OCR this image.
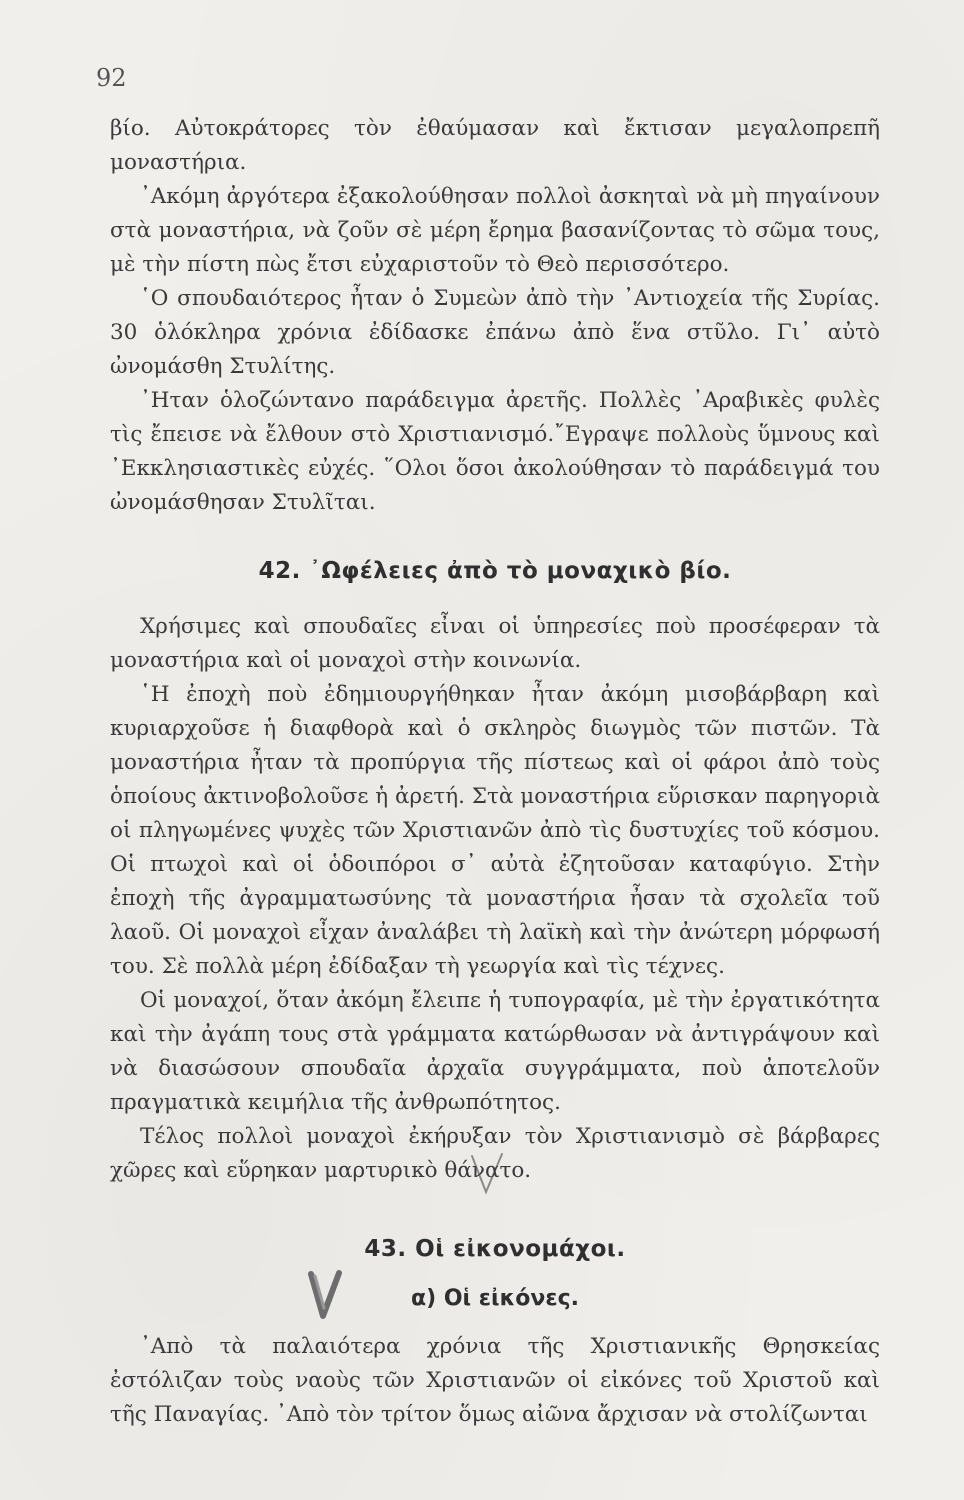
92

βίο. Αὐτοκράτορες τὸν ἐθαύμασαν καὶ ἔκτισαν μεγαλοπρεπῆ μοναστήρια.

᾿Ακόμη ἀργότερα ἐξακολούθησαν πολλοὶ ἀσκηταὶ νὰ μὴ πηγαίνουν στὰ μοναστήρια, νὰ ζοῦν σὲ μέρη ἔρημα βασανίζοντας τὸ σῶμα τους, μὲ τὴν πίστη πὼς ἔτσι εὐχαριστοῦν τὸ Θεὸ περισσότερο.

῾Ο σπουδαιότερος ἦταν ὁ Συμεὼν ἀπὸ τὴν ᾿Αντιοχεία τῆς Συρίας. 30 ὁλόκληρα χρόνια ἐδίδασκε ἐπάνω ἀπὸ ἕνα στῦλο. Γι᾿ αὐτὸ ὠνομάσθη Στυλίτης.

᾿Ηταν ὁλοζώντανο παράδειγμα ἀρετῆς. Πολλὲς ᾿Αραβικὲς φυλὲς τὶς ἔπεισε νὰ ἔλθουν στὸ Χριστιανισμό.῎Εγραψε πολλοὺς ὕμνους καὶ ᾿Εκκλησιαστικὲς εὐχές. ῞Ολοι ὅσοι ἀκολούθησαν τὸ παράδειγμά του ὠνομάσθησαν Στυλῖται.

42. ᾿Ωφέλειες ἀπὸ τὸ μοναχικὸ βίο.

Χρήσιμες καὶ σπουδαῖες εἶναι οἱ ὑπηρεσίες ποὺ προσέφεραν τὰ μοναστήρια καὶ οἱ μοναχοὶ στὴν κοινωνία.

῾Η ἐποχὴ ποὺ ἐδημιουργήθηκαν ἦταν ἀκόμη μισοβάρβαρη καὶ κυριαρχοῦσε ἡ διαφθορὰ καὶ ὁ σκληρὸς διωγμὸς τῶν πιστῶν. Τὰ μοναστήρια ἦταν τὰ προπύργια τῆς πίστεως καὶ οἱ φάροι ἀπὸ τοὺς ὁποίους ἀκτινοβολοῦσε ἡ ἀρετή. Στὰ μοναστήρια εὕρισκαν παρηγοριὰ οἱ πληγωμένες ψυχὲς τῶν Χριστιανῶν ἀπὸ τὶς δυστυχίες τοῦ κόσμου. Οἱ πτωχοὶ καὶ οἱ ὁδοιπόροι σ᾿ αὐτὰ ἐζητοῦσαν καταφύγιο. Στὴν ἐποχὴ τῆς ἀγραμματωσύνης τὰ μοναστήρια ἦσαν τὰ σχολεῖα τοῦ λαοῦ. Οἱ μοναχοὶ εἶχαν ἀναλάβει τὴ λαϊκὴ καὶ τὴν ἀνώτερη μόρφωσή του. Σὲ πολλὰ μέρη ἐδίδαξαν τὴ γεωργία καὶ τὶς τέχνες.

Οἱ μοναχοί, ὅταν ἀκόμη ἔλειπε ἡ τυπογραφία, μὲ τὴν ἐργατικότητα καὶ τὴν ἀγάπη τους στὰ γράμματα κατώρθωσαν νὰ ἀντιγράψουν καὶ νὰ διασώσουν σπουδαῖα ἀρχαῖα συγγράμματα, ποὺ ἀποτελοῦν πραγματικὰ κειμήλια τῆς ἀνθρωπότητος.

Τέλος πολλοὶ μοναχοὶ ἐκήρυξαν τὸν Χριστιανισμὸ σὲ βάρβαρες χῶρες καὶ εὕρηκαν μαρτυρικὸ θάνατο.

43. Οἱ εἰκονομάχοι.
α) Οἱ εἰκόνες.

᾿Απὸ τὰ παλαιότερα χρόνια τῆς Χριστιανικῆς Θρησκείας ἐστόλιζαν τοὺς ναοὺς τῶν Χριστιανῶν οἱ εἰκόνες τοῦ Χριστοῦ καὶ τῆς Παναγίας. ᾿Απὸ τὸν τρίτον ὅμως αἰῶνα ἄρχισαν νὰ στολίζωνται
